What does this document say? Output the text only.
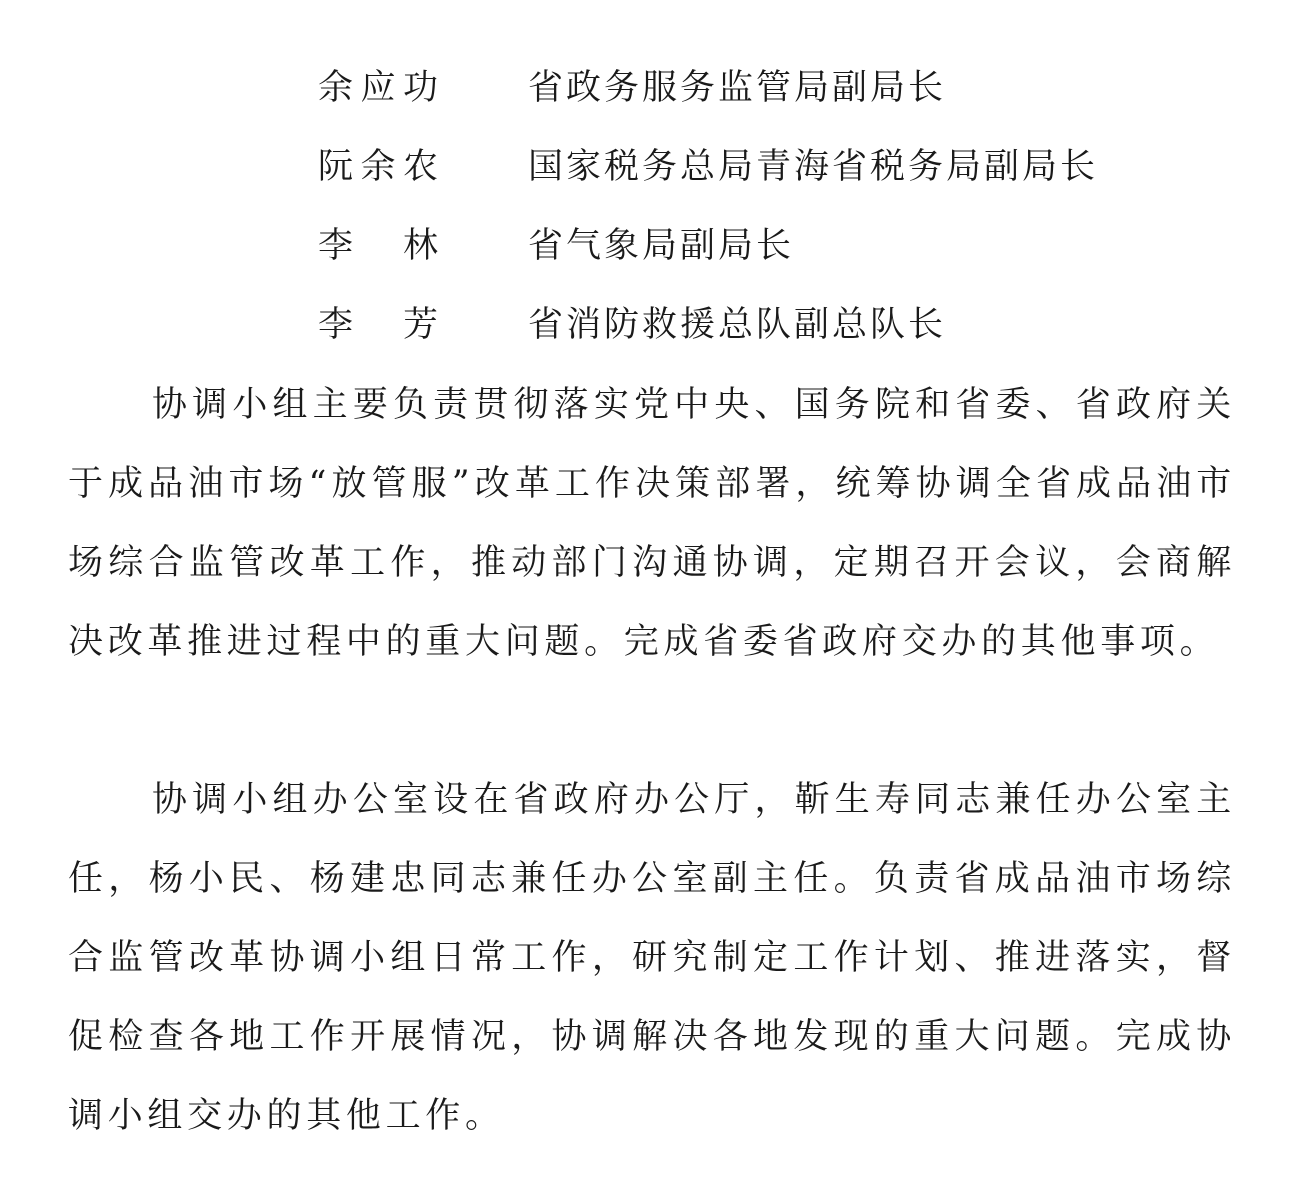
余应功	省政务服务监管局副局长
阮余农	国家税务总局青海省税务局副局长
李　林	省气象局副局长
李　芳	省消防救援总队副总队长

协调小组主要负责贯彻落实党中央、国务院和省委、省政府关于成品油市场“放管服”改革工作决策部署，统筹协调全省成品油市场综合监管改革工作，推动部门沟通协调，定期召开会议，会商解决改革推进过程中的重大问题。完成省委省政府交办的其他事项。

协调小组办公室设在省政府办公厅，靳生寿同志兼任办公室主任，杨小民、杨建忠同志兼任办公室副主任。负责省成品油市场综合监管改革协调小组日常工作，研究制定工作计划、推进落实，督促检查各地工作开展情况，协调解决各地发现的重大问题。完成协调小组交办的其他工作。
